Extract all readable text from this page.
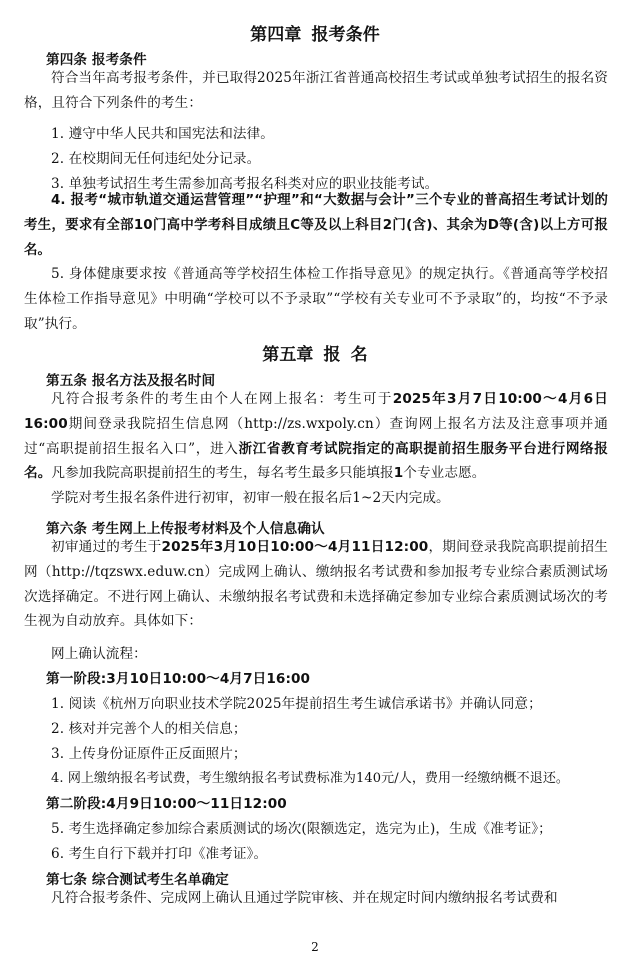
第四章 报考条件
第四条 报考条件

符合当年高考报考条件，并已取得2025年浙江省普通高校招生考试或单独考试招生的报名资格，且符合下列条件的考生：

1. 遵守中华人民共和国宪法和法律。
2. 在校期间无任何违纪处分记录。
3. 单独考试招生考生需参加高考报名科类对应的职业技能考试。

4. 报考“城市轨道交通运营管理”“护理”和“大数据与会计”三个专业的普高招生考试计划的考生，要求有全部10门高中学考科目成绩且C等及以上科目2门(含)、其余为D等(含)以上方可报名。

5. 身体健康要求按《普通高等学校招生体检工作指导意见》的规定执行。《普通高等学校招生体检工作指导意见》中明确“学校可以不予录取”“学校有关专业可不予录取”的，均按“不予录取”执行。

第五章 报 名
第五条 报名方法及报名时间

凡符合报考条件的考生由个人在网上报名：考生可于2025年3月7日10:00～4月6日16:00期间登录我院招生信息网（http://zs.wxpoly.cn）查询网上报名方法及注意事项并通过“高职提前招生报名入口”，进入浙江省教育考试院指定的高职提前招生服务平台进行网络报名。凡参加我院高职提前招生的考生，每名考生最多只能填报1个专业志愿。

学院对考生报名条件进行初审，初审一般在报名后1~2天内完成。

第六条 考生网上上传报考材料及个人信息确认

初审通过的考生于2025年3月10日10:00～4月11日12:00，期间登录我院高职提前招生网（http://tqzswx.eduw.cn）完成网上确认、缴纳报名考试费和参加报考专业综合素质测试场次选择确定。不进行网上确认、未缴纳报名考试费和未选择确定参加专业综合素质测试场次的考生视为自动放弃。具体如下：

网上确认流程：
第一阶段:3月10日10:00～4月7日16:00
1. 阅读《杭州万向职业技术学院2025年提前招生考生诚信承诺书》并确认同意；
2. 核对并完善个人的相关信息；
3. 上传身份证原件正反面照片；
4. 网上缴纳报名考试费，考生缴纳报名考试费标准为140元/人，费用一经缴纳概不退还。
第二阶段:4月9日10:00～11日12:00
5. 考生选择确定参加综合素质测试的场次(限额选定，选完为止)，生成《准考证》；
6. 考生自行下载并打印《准考证》。
第七条 综合测试考生名单确定

凡符合报考条件、完成网上确认且通过学院审核、并在规定时间内缴纳报名考试费和

2
